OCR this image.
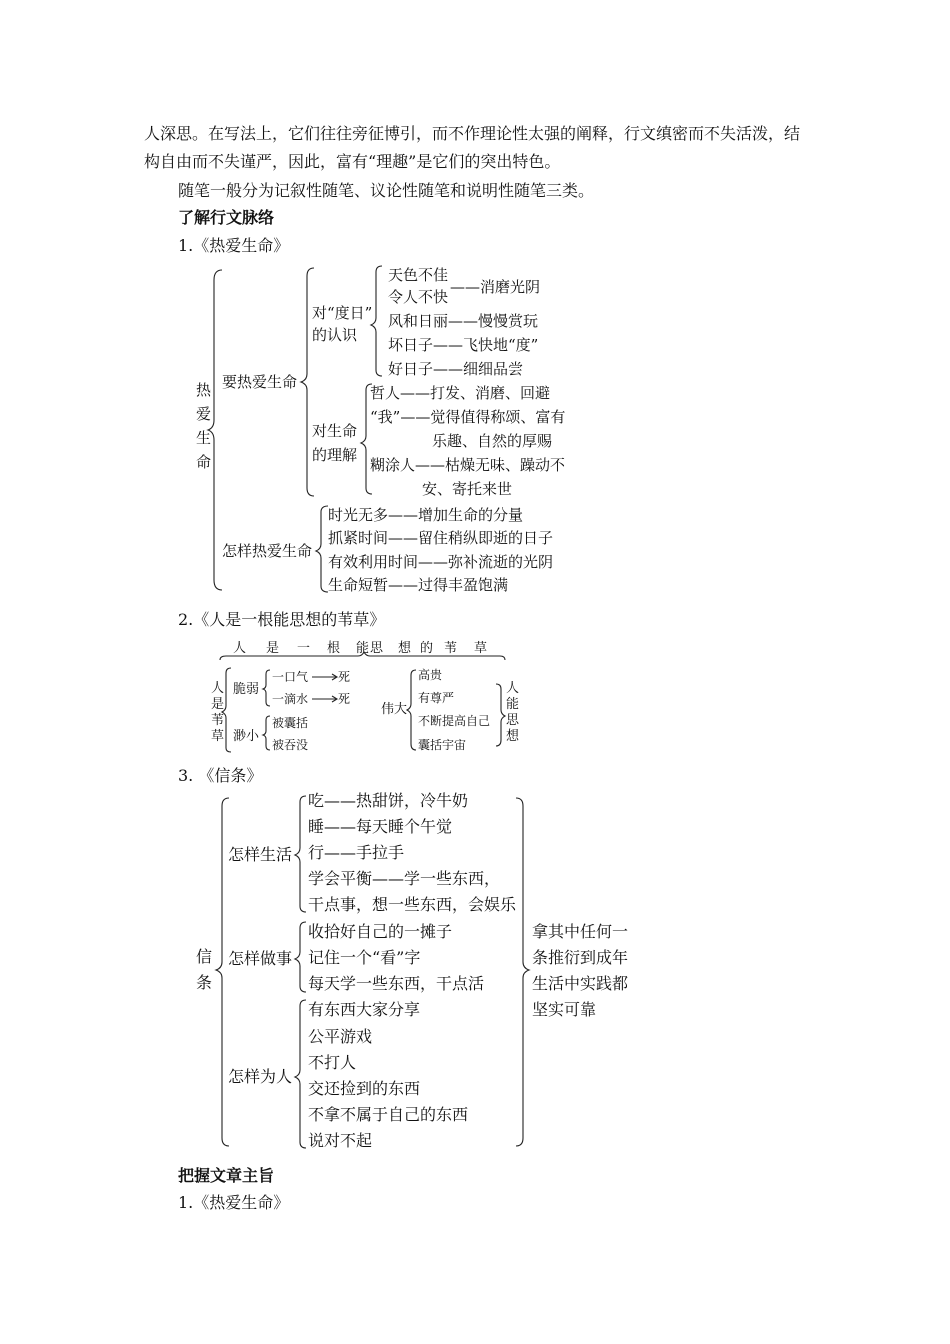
人深思。在写法上，它们往往旁征博引，而不作理论性太强的阐释，行文缜密而不失活泼，结
构自由而不失谨严，因此，富有“理趣”是它们的突出特色。
随笔一般分为记叙性随笔、议论性随笔和说明性随笔三类。
了解行文脉络
1.《热爱生命》
热
爱
生
命
要热爱生命
怎样热爱生命
对“度日”
的认识
对生命
的理解
天色不佳
令人不快
——消磨光阴
风和日丽——慢慢赏玩
坏日子——飞快地“度”
好日子——细细品尝
哲人——打发、消磨、回避
“我”——觉得值得称颂、富有
乐趣、自然的厚赐
糊涂人——枯燥无味、躁动不
安、寄托来世
时光无多——增加生命的分量
抓紧时间——留住稍纵即逝的日子
有效利用时间——弥补流逝的光阴
生命短暂——过得丰盈饱满
2.《人是一根能思想的苇草》
人 是 一 根 能 思 想 的 苇 草
人
是
苇
草
脆弱
一口气 死
一滴水 死
渺小
被囊括
被吞没
伟大
高贵
有尊严
不断提高自己
囊括宇宙
人
能
思
想
3. 《信条》
信
条
怎样生活
吃——热甜饼，冷牛奶
睡——每天睡个午觉
行——手拉手
学会平衡——学一些东西，
干点事，想一些东西，会娱乐
怎样做事
收拾好自己的一摊子
记住一个“看”字
每天学一些东西，干点活
怎样为人
有东西大家分享
公平游戏
不打人
交还捡到的东西
不拿不属于自己的东西
说对不起
拿其中任何一
条推衍到成年
生活中实践都
坚实可靠
把握文章主旨
1.《热爱生命》
